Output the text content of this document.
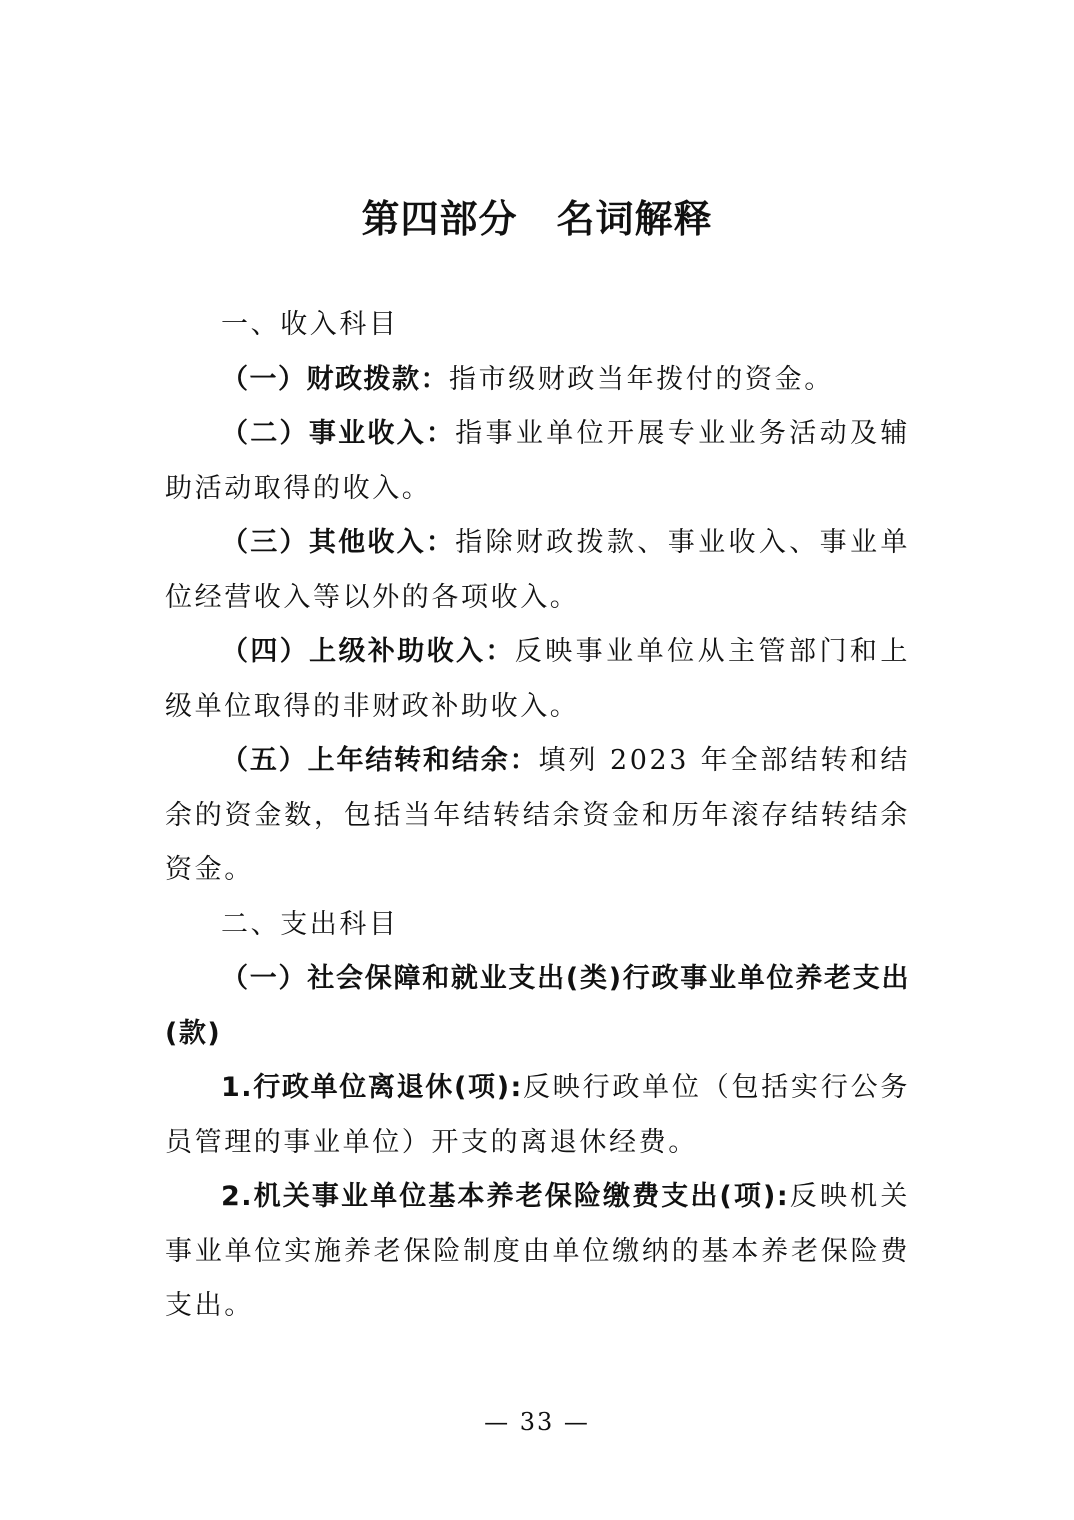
第四部分　名词解释

一、收入科目

（一）财政拨款：指市级财政当年拨付的资金。

（二）事业收入：指事业单位开展专业业务活动及辅助活动取得的收入。

（三）其他收入：指除财政拨款、事业收入、事业单位经营收入等以外的各项收入。

（四）上级补助收入：反映事业单位从主管部门和上级单位取得的非财政补助收入。

（五）上年结转和结余：填列 2023 年全部结转和结余的资金数，包括当年结转结余资金和历年滚存结转结余资金。

二、支出科目

（一）社会保障和就业支出(类)行政事业单位养老支出(款)

1.行政单位离退休(项):反映行政单位（包括实行公务员管理的事业单位）开支的离退休经费。

2.机关事业单位基本养老保险缴费支出(项):反映机关事业单位实施养老保险制度由单位缴纳的基本养老保险费支出。

— 33 —
